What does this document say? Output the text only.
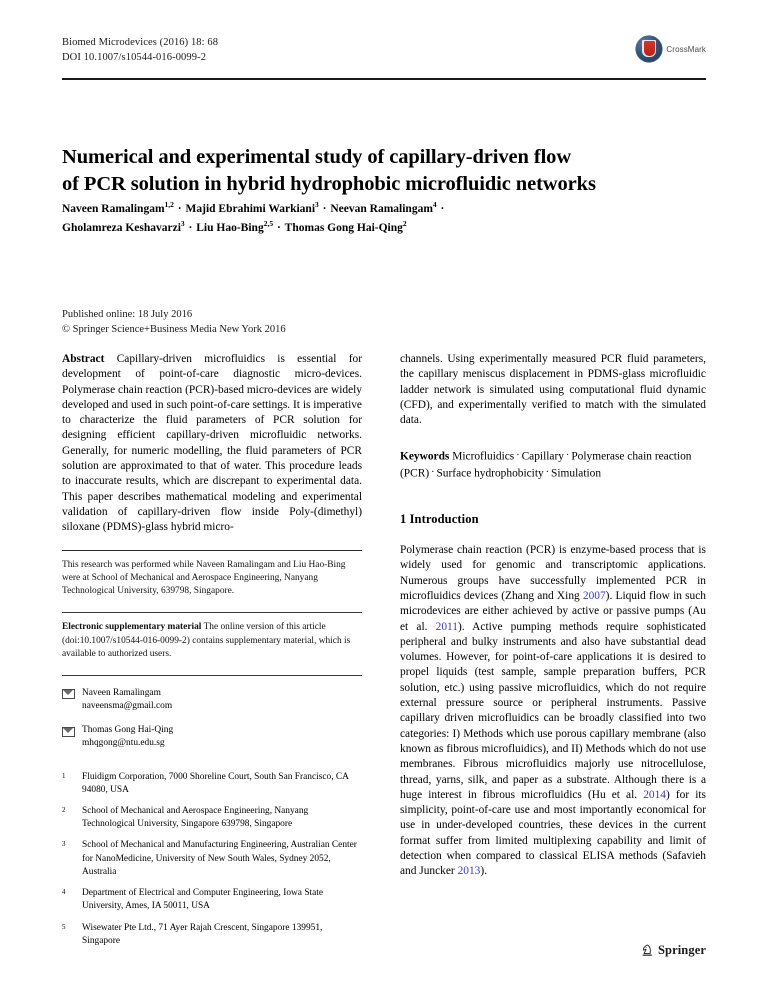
Biomed Microdevices (2016) 18: 68
DOI 10.1007/s10544-016-0099-2
CrossMark
Numerical and experimental study of capillary-driven flow
of PCR solution in hybrid hydrophobic microfluidic networks
Naveen Ramalingam$^{1,2}$ · Majid Ebrahimi Warkiani$^3$ · Neevan Ramalingam$^4$ ·
Gholamreza Keshavarzi$^3$ · Liu Hao-Bing$^{2,5}$ · Thomas Gong Hai-Qing$^2$
Published online: 18 July 2016
© Springer Science+Business Media New York 2016
Abstract Capillary-driven microfluidics is essential for development of point-of-care diagnostic micro-devices. Polymerase chain reaction (PCR)-based micro-devices are widely developed and used in such point-of-care settings. It is imperative to characterize the fluid parameters of PCR solution for designing efficient capillary-driven microfluidic networks. Generally, for numeric modelling, the fluid parameters of PCR solution are approximated to that of water. This procedure leads to inaccurate results, which are discrepant to experimental data. This paper describes mathematical modeling and experimental validation of capillary-driven flow inside Poly-(dimethyl) siloxane (PDMS)-glass hybrid micro-
This research was performed while Naveen Ramalingam and Liu Hao-Bing were at School of Mechanical and Aerospace Engineering, Nanyang Technological University, 639798, Singapore.
Electronic supplementary material The online version of this article (doi:10.1007/s10544-016-0099-2) contains supplementary material, which is available to authorized users.
Naveen Ramalingam
naveensma@gmail.com
Thomas Gong Hai-Qing
mhqgong@ntu.edu.sg
1	Fluidigm Corporation, 7000 Shoreline Court, South San Francisco, CA 94080, USA
2	School of Mechanical and Aerospace Engineering, Nanyang Technological University, Singapore 639798, Singapore
3	School of Mechanical and Manufacturing Engineering, Australian Center for NanoMedicine, University of New South Wales, Sydney 2052, Australia
4	Department of Electrical and Computer Engineering, Iowa State University, Ames, IA 50011, USA
5	Wisewater Pte Ltd., 71 Ayer Rajah Crescent, Singapore 139951, Singapore
channels. Using experimentally measured PCR fluid parameters, the capillary meniscus displacement in PDMS-glass microfluidic ladder network is simulated using computational fluid dynamic (CFD), and experimentally verified to match with the simulated data.
Keywords Microfluidics · Capillary · Polymerase chain reaction (PCR) · Surface hydrophobicity · Simulation
1 Introduction
Polymerase chain reaction (PCR) is enzyme-based process that is widely used for genomic and transcriptomic applications. Numerous groups have successfully implemented PCR in microfluidics devices (Zhang and Xing 2007). Liquid flow in such microdevices are either achieved by active or passive pumps (Au et al. 2011). Active pumping methods require sophisticated peripheral and bulky instruments and also have substantial dead volumes. However, for point-of-care applications it is desired to propel liquids (test sample, sample preparation buffers, PCR solution, etc.) using passive microfluidics, which do not require external pressure source or peripheral instruments. Passive capillary driven microfluidics can be broadly classified into two categories: I) Methods which use porous capillary membrane (also known as fibrous microfluidics), and II) Methods which do not use membranes. Fibrous microfluidics majorly use nitrocellulose, thread, yarns, silk, and paper as a substrate. Although there is a huge interest in fibrous microfluidics (Hu et al. 2014) for its simplicity, point-of-care use and most importantly economical for use in under-developed countries, these devices in the current format suffer from limited multiplexing capability and limit of detection when compared to classical ELISA methods (Safavieh and Juncker 2013).
Springer
